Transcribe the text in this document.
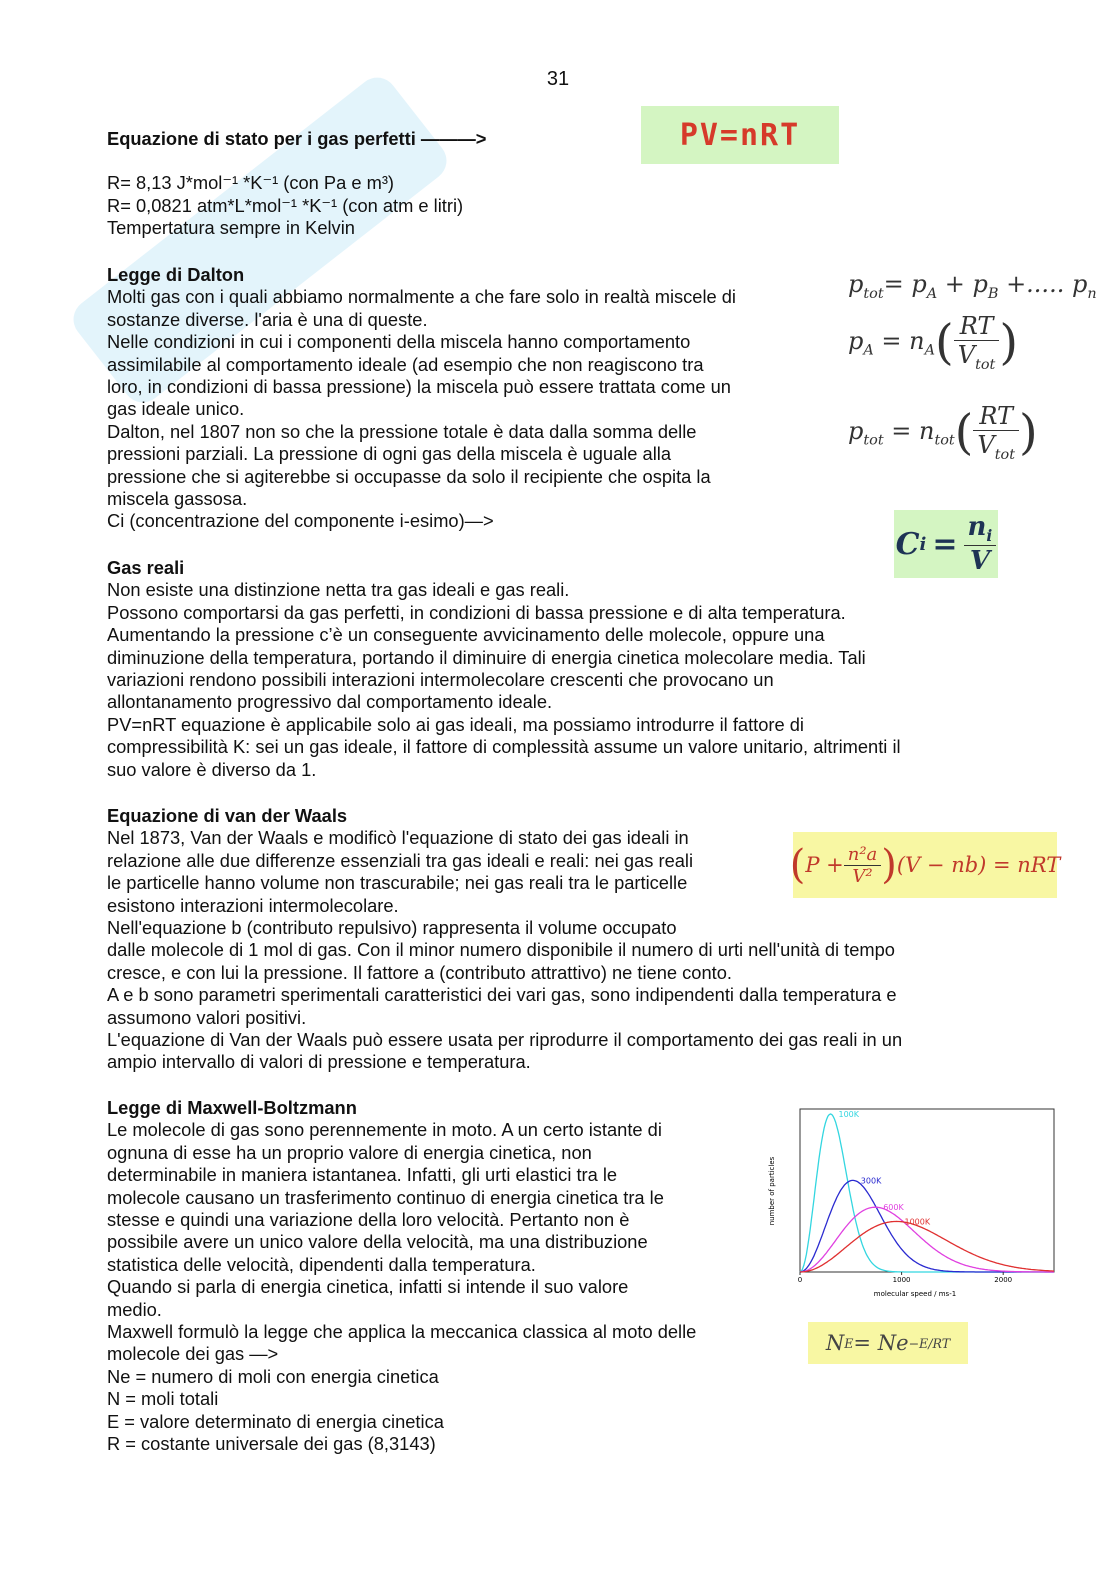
31

Equazione di stato per i gas perfetti ———>

R= 8,13 J*mol⁻¹ *K⁻¹ (con Pa e m³)

R= 0,0821 atm*L*mol⁻¹ *K⁻¹ (con atm e litri)

Tempertatura sempre in Kelvin

PV=nRT

Legge di Dalton

Molti gas con i quali abbiamo normalmente a che fare solo in realtà miscele di

sostanze diverse. l'aria è una di queste.

Nelle condizioni in cui i componenti della miscela hanno comportamento

assimilabile al comportamento ideale (ad esempio che non reagiscono tra

loro, in condizioni di bassa pressione) la miscela può essere trattata come un

gas ideale unico.

Dalton, nel 1807 non so che la pressione totale è data dalla somma delle

pressioni parziali. La pressione di ogni gas della miscela è uguale alla

pressione che si agiterebbe si occupasse da solo il recipiente che ospita la

miscela gassosa.

Ci (concentrazione del componente i-esimo)—>

$p_{tot}= p_A + p_B$ +..... $p_n$
$p_A = n_A( \frac{RT}{V_{tot}}$ )
$p_{tot} = n_{tot}( \frac{RT}{V_{tot}}$ )
C $i = \frac{n_i}{V}$

Gas reali

Non esiste una distinzione netta tra gas ideali e gas reali.

Possono comportarsi da gas perfetti, in condizioni di bassa pressione e di alta temperatura.

Aumentando la pressione c’è un conseguente avvicinamento delle molecole, oppure una

diminuzione della temperatura, portando il diminuire di energia cinetica molecolare media. Tali

variazioni rendono possibili interazioni intermolecolare crescenti che provocano un

allontanamento progressivo dal comportamento ideale.

PV=nRT equazione è applicabile solo ai gas ideali, ma possiamo introdurre il fattore di

compressibilità K: sei un gas ideale, il fattore di complessità assume un valore unitario, altrimenti il

suo valore è diverso da 1.

Equazione di van der Waals

Nel 1873, Van der Waals e modificò l'equazione di stato dei gas ideali in

relazione alle due differenze essenziali tra gas ideali e reali: nei gas reali

le particelle hanno volume non trascurabile; nei gas reali tra le particelle

esistono interazioni intermolecolare.

Nell'equazione b (contributo repulsivo) rappresenta il volume occupato

dalle molecole di 1 mol di gas. Con il minor numero disponibile il numero di urti nell'unità di tempo

cresce, e con lui la pressione. Il fattore a (contributo attrattivo) ne tiene conto.

A e b sono parametri sperimentali caratteristici dei vari gas, sono indipendenti dalla temperatura e

assumono valori positivi.

L'equazione di Van der Waals può essere usata per riprodurre il comportamento dei gas reali in un

ampio intervallo di valori di pressione e temperatura.

( $P + \frac{\text{n²a}}{\text{V²}}$ ) (V − nb) = nRT

Legge di Maxwell-Boltzmann

Le molecole di gas sono perennemente in moto. A un certo istante di

ognuna di esse ha un proprio valore di energia cinetica, non

determinabile in maniera istantanea. Infatti, gli urti elastici tra le

molecole causano un trasferimento continuo di energia cinetica tra le

stesse e quindi una variazione della loro velocità. Pertanto non è

possibile avere un unico valore della velocità, ma una distribuzione

statistica delle velocità, dipendenti dalla temperatura.

Quando si parla di energia cinetica, infatti si intende il suo valore

medio.

Maxwell formulò la legge che applica la meccanica classica al moto delle

molecole dei gas —>

Ne = numero di moli con energia cinetica

N = moli totali

E = valore determinato di energia cinetica

R = costante universale dei gas (8,3143)

N E = Ne −E/RT
100K
300K
600K
1000K
0	1000	2000
number of particles
molecular speed / ms-1
